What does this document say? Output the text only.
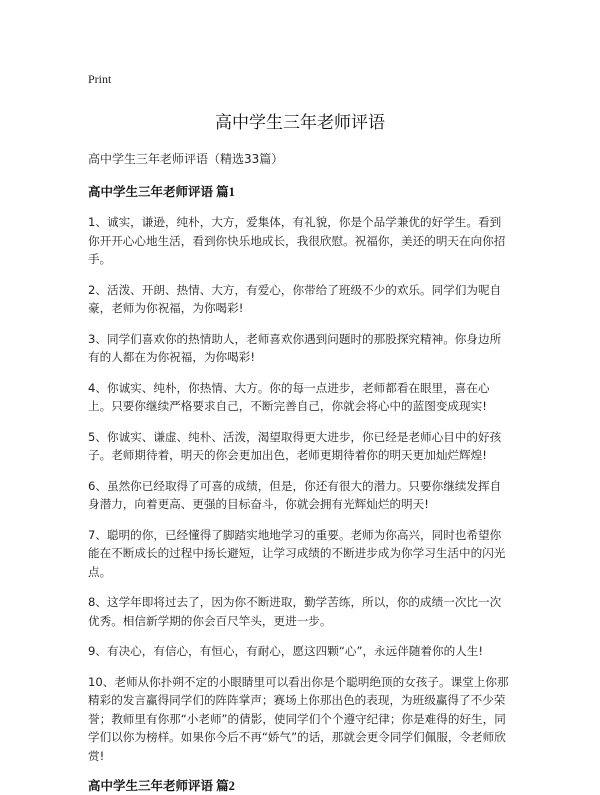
Print
高中学生三年老师评语
高中学生三年老师评语（精选33篇）
高中学生三年老师评语 篇1
1、诚实，谦逊，纯朴，大方，爱集体，有礼貌，你是个品学兼优的好学生。看到你开开心心地生活，看到你快乐地成长，我很欣慰。祝福你，美还的明天在向你招手。
2、活泼、开朗、热情、大方，有爱心，你带给了班级不少的欢乐。同学们为呢自豪，老师为你祝福，为你喝彩!
3、同学们喜欢你的热情助人，老师喜欢你遇到问题时的那股探究精神。你身边所有的人都在为你祝福，为你喝彩!
4、你诚实、纯朴，你热情、大方。你的每一点进步，老师都看在眼里，喜在心上。只要你继续严格要求自己，不断完善自己，你就会将心中的蓝图变成现实!
5、你诚实、谦虚、纯朴、活泼，渴望取得更大进步，你已经是老师心目中的好孩子。老师期待着，明天的你会更加出色，老师更期待着你的明天更加灿烂辉煌!
6、虽然你已经取得了可喜的成绩，但是，你还有很大的潜力。只要你继续发挥自身潜力，向着更高、更强的目标奋斗，你就会拥有光辉灿烂的明天!
7、聪明的你，已经懂得了脚踏实地地学习的重要。老师为你高兴，同时也希望你能在不断成长的过程中扬长避短，让学习成绩的不断进步成为你学习生活中的闪光点。
8、这学年即将过去了，因为你不断进取，勤学苦练，所以，你的成绩一次比一次优秀。相信新学期的你会百尺竿头，更进一步。
9、有决心，有信心，有恒心，有耐心，愿这四颗“心”，永远伴随着你的人生!
10、老师从你扑朔不定的小眼睛里可以看出你是个聪明绝顶的女孩子。课堂上你那精彩的发言赢得同学们的阵阵掌声；赛场上你那出色的表现，为班级赢得了不少荣誉；教师里有你那“小老师”的倩影，使同学们个个遵守纪律；你是难得的好生，同学们以你为榜样。如果你今后不再“娇气”的话，那就会更令同学们佩服，令老师欣赏!
高中学生三年老师评语 篇2
